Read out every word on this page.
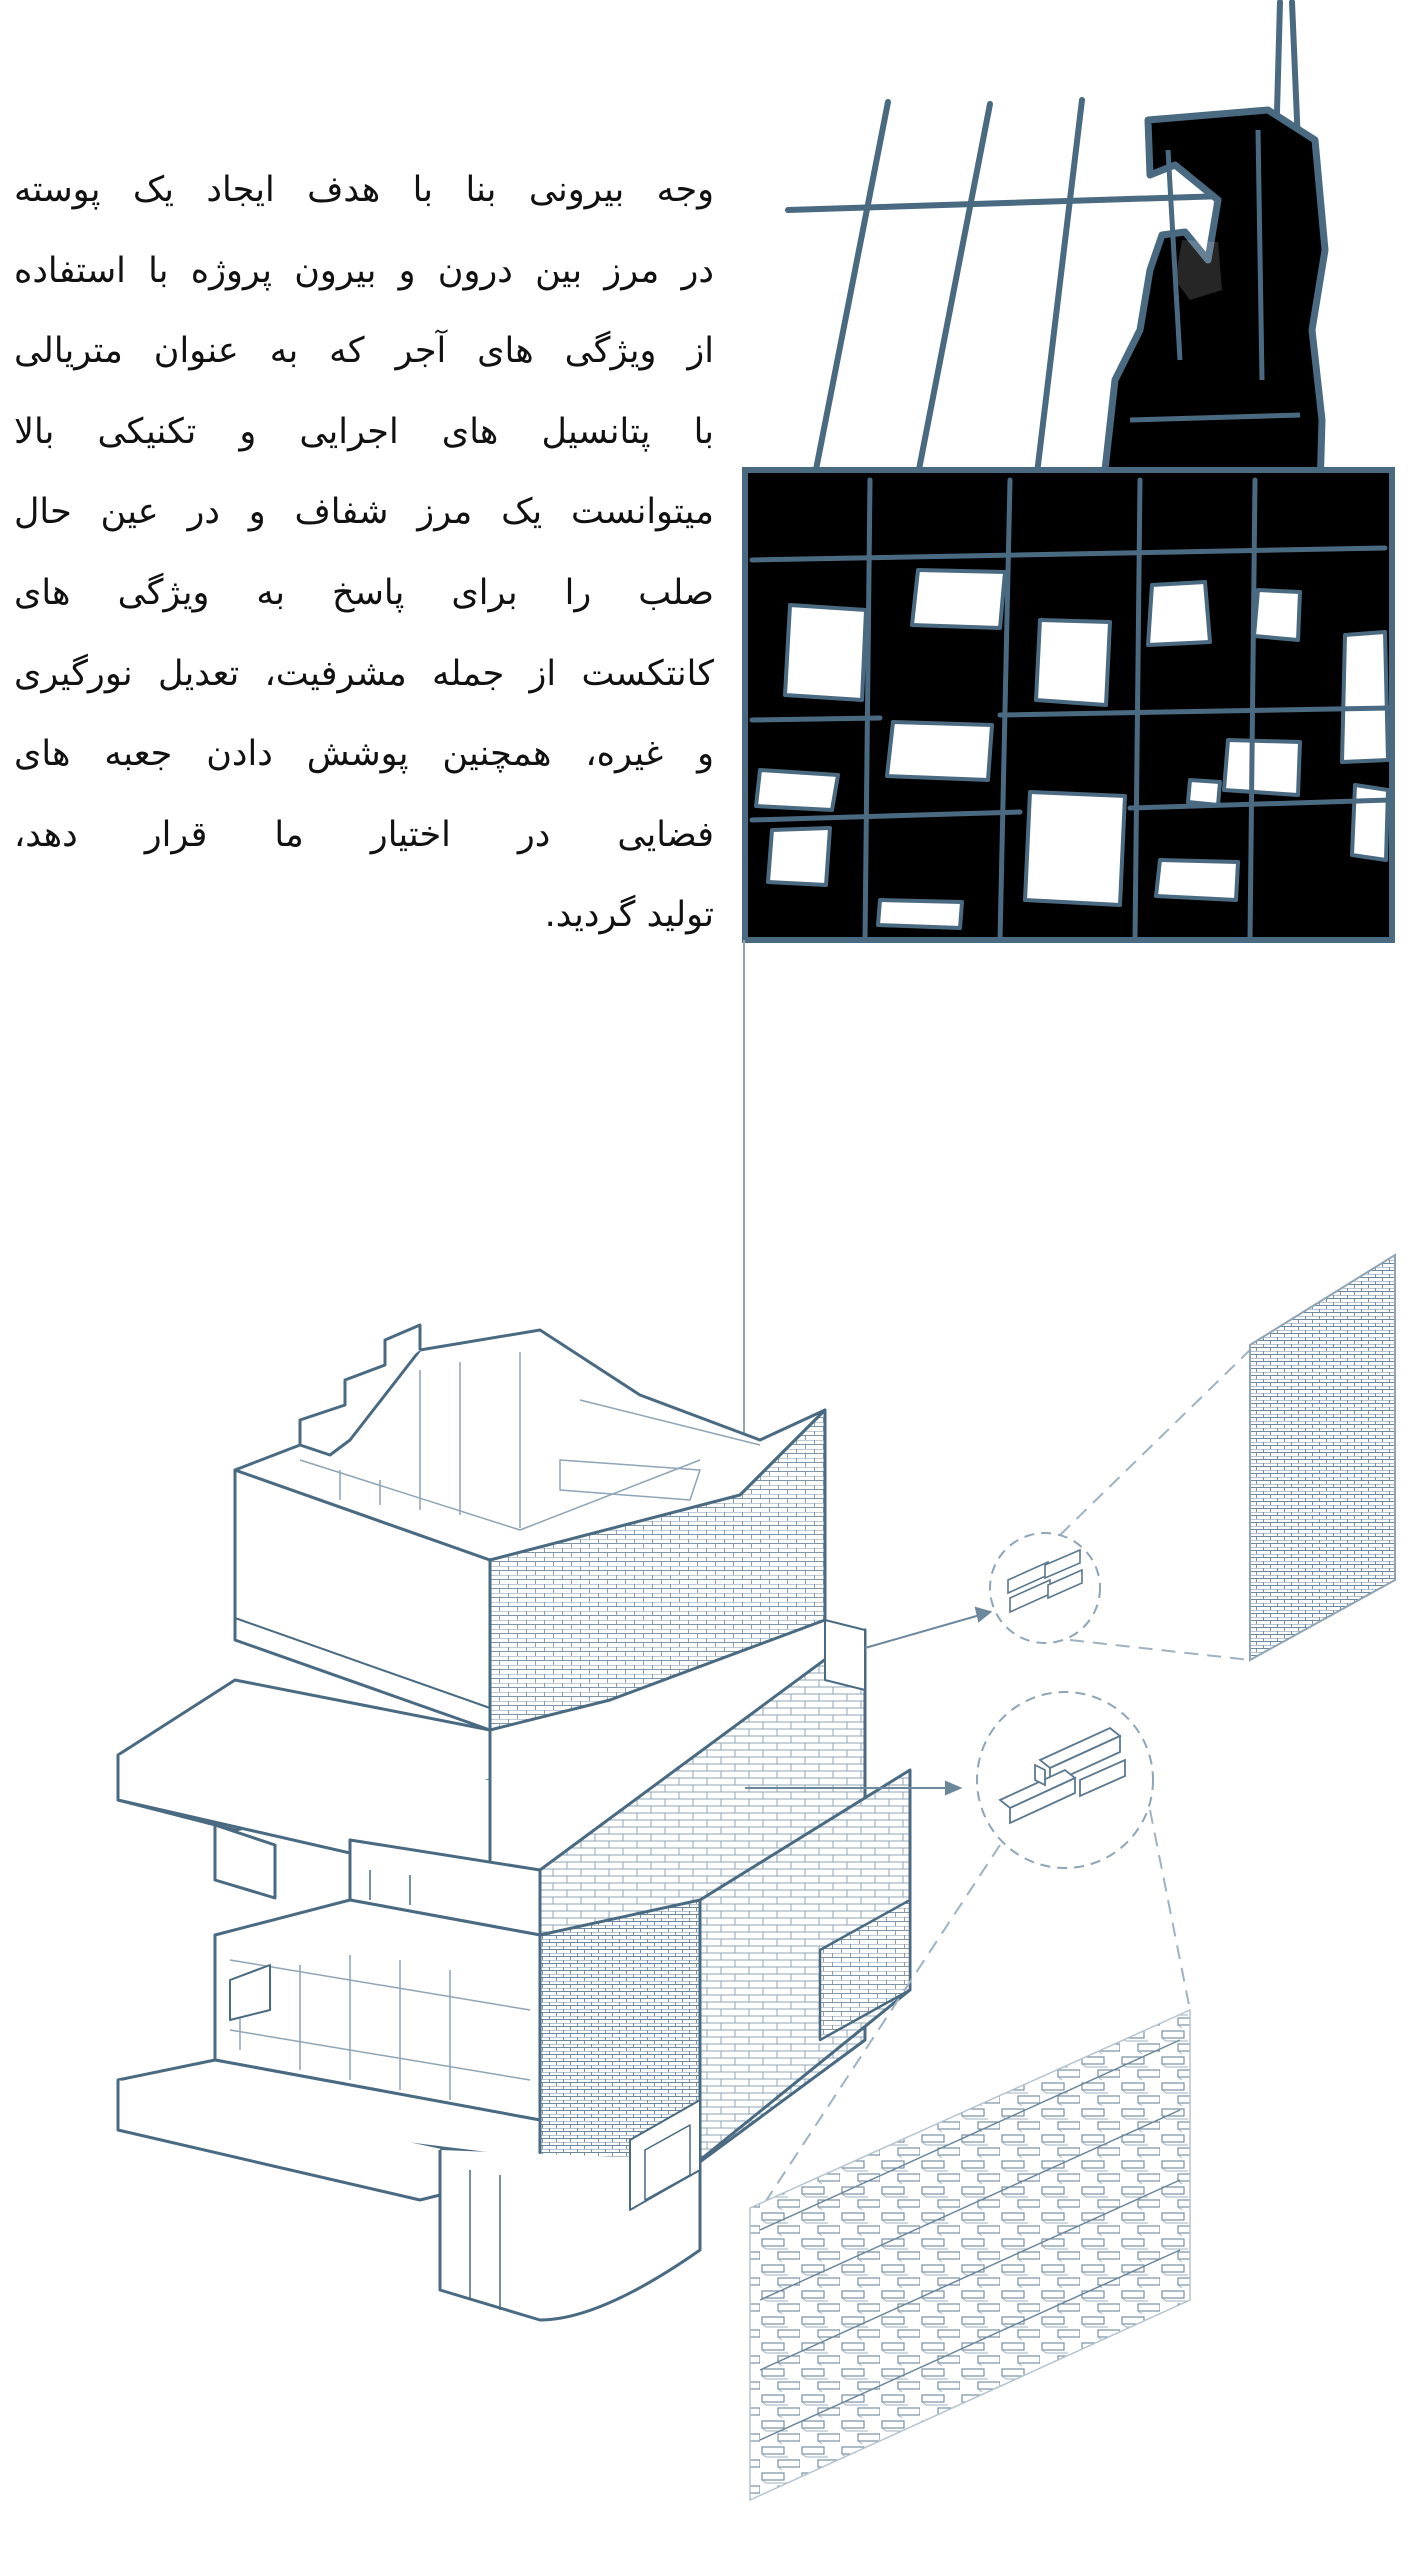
وجه بیرونی بنا با هدف ایجاد یک پوسته
در مرز بین درون و بیرون پروژه با استفاده
از ویژگی های آجر که به عنوان متریالی
با پتانسیل های اجرایی و تکنیکی بالا
میتوانست یک مرز شفاف و در عین حال
صلب را برای پاسخ به ویژگی های
کانتکست از جمله مشرفیت، تعدیل نورگیری
و غیره، همچنین پوشش دادن جعبه های
فضایی در اختیار ما قرار دهد،
تولید گردید.
